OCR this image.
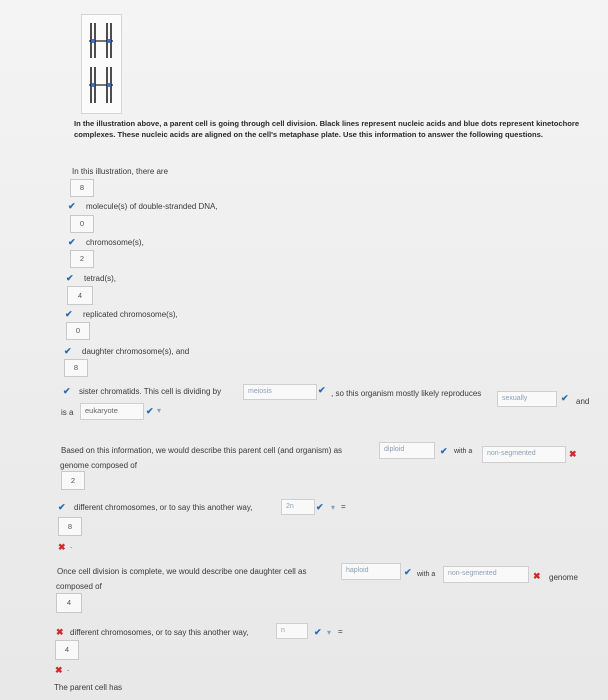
In the illustration above, a parent cell is going through cell division. Black lines represent nucleic acids and blue dots represent kinetochore complexes. These nucleic acids are aligned on the cell's metaphase plate. Use this information to answer the following questions.
In this illustration, there are
8
✔ molecule(s) of double-stranded DNA,
0
✔ chromosome(s),
2
✔ tetrad(s),
4
✔ replicated chromosome(s),
0
✔ daughter chromosome(s), and
8
✔ sister chromatids. This cell is dividing by	meiosis	✔ , so this organism mostly likely reproduces
sexually	✔ and
is a	eukaryote	✔ ▾
Based on this information, we would describe this parent cell (and organism) as	diploid	✔ with a	non-segmented	✖
genome composed of
2
✔ different chromosomes, or to say this another way,	2n	✔ ▾ =
8
✖ .
Once cell division is complete, we would describe one daughter cell as	haploid	✔ with a	non-segmented	✖ genome
composed of
4
✖ different chromosomes, or to say this another way,	n	✔ ▾ =
4
✖ .
The parent cell has
